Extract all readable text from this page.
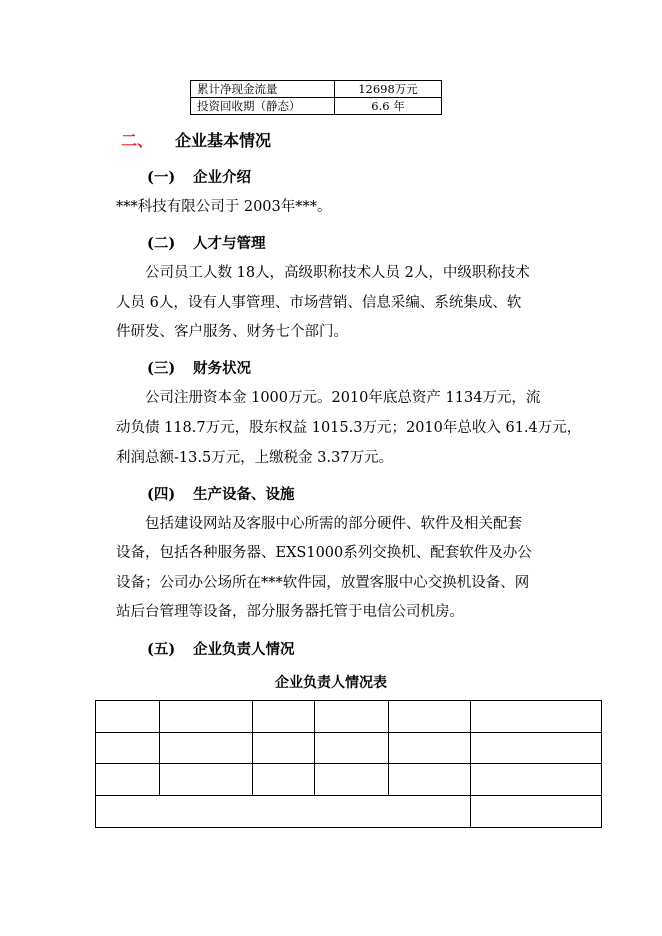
累计净现金流量	12698万元
投资回收期（静态）	6.6 年
二、 企业基本情况
(一) 企业介绍
***科技有限公司于 2003年***。
(二) 人才与管理
公司员工人数 18人，高级职称技术人员 2人，中级职称技术
人员 6人，设有人事管理、市场营销、信息采编、系统集成、软
件研发、客户服务、财务七个部门。
(三) 财务状况
公司注册资本金 1000万元。2010年底总资产 1134万元，流
动负债 118.7万元，股东权益 1015.3万元；2010年总收入 61.4万元，
利润总额-13.5万元，上缴税金 3.37万元。
(四) 生产设备、设施
包括建设网站及客服中心所需的部分硬件、软件及相关配套
设备，包括各种服务器、EXS1000系列交换机、配套软件及办公
设备；公司办公场所在***软件园，放置客服中心交换机设备、网
站后台管理等设备，部分服务器托管于电信公司机房。
(五) 企业负责人情况
企业负责人情况表
